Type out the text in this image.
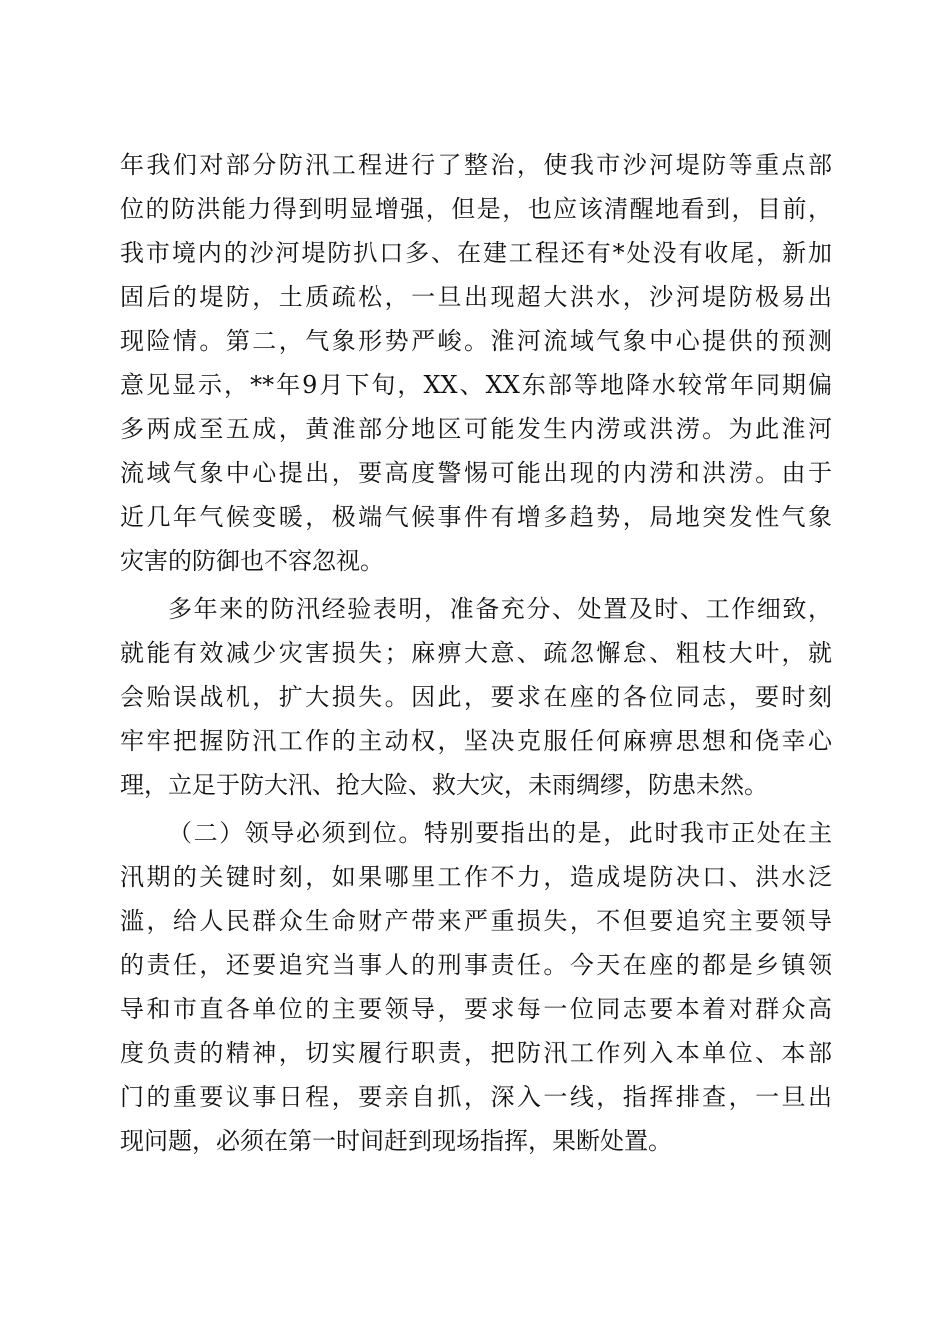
年我们对部分防汛工程进行了整治，使我市沙河堤防等重点部
位的防洪能力得到明显增强，但是，也应该清醒地看到，目前，
我市境内的沙河堤防扒口多、在建工程还有*处没有收尾，新加
固后的堤防，土质疏松，一旦出现超大洪水，沙河堤防极易出
现险情。第二，气象形势严峻。淮河流域气象中心提供的预测
意见显示，**年9月下旬，XX、XX东部等地降水较常年同期偏
多两成至五成，黄淮部分地区可能发生内涝或洪涝。为此淮河
流域气象中心提出，要高度警惕可能出现的内涝和洪涝。由于
近几年气候变暖，极端气候事件有增多趋势，局地突发性气象
灾害的防御也不容忽视。
多年来的防汛经验表明，准备充分、处置及时、工作细致，
就能有效减少灾害损失；麻痹大意、疏忽懈怠、粗枝大叶，就
会贻误战机，扩大损失。因此，要求在座的各位同志，要时刻
牢牢把握防汛工作的主动权，坚决克服任何麻痹思想和侥幸心
理，立足于防大汛、抢大险、救大灾，未雨绸缪，防患未然。
（二）领导必须到位。特别要指出的是，此时我市正处在主
汛期的关键时刻，如果哪里工作不力，造成堤防决口、洪水泛
滥，给人民群众生命财产带来严重损失，不但要追究主要领导
的责任，还要追究当事人的刑事责任。今天在座的都是乡镇领
导和市直各单位的主要领导，要求每一位同志要本着对群众高
度负责的精神，切实履行职责，把防汛工作列入本单位、本部
门的重要议事日程，要亲自抓，深入一线，指挥排查，一旦出
现问题，必须在第一时间赶到现场指挥，果断处置。
